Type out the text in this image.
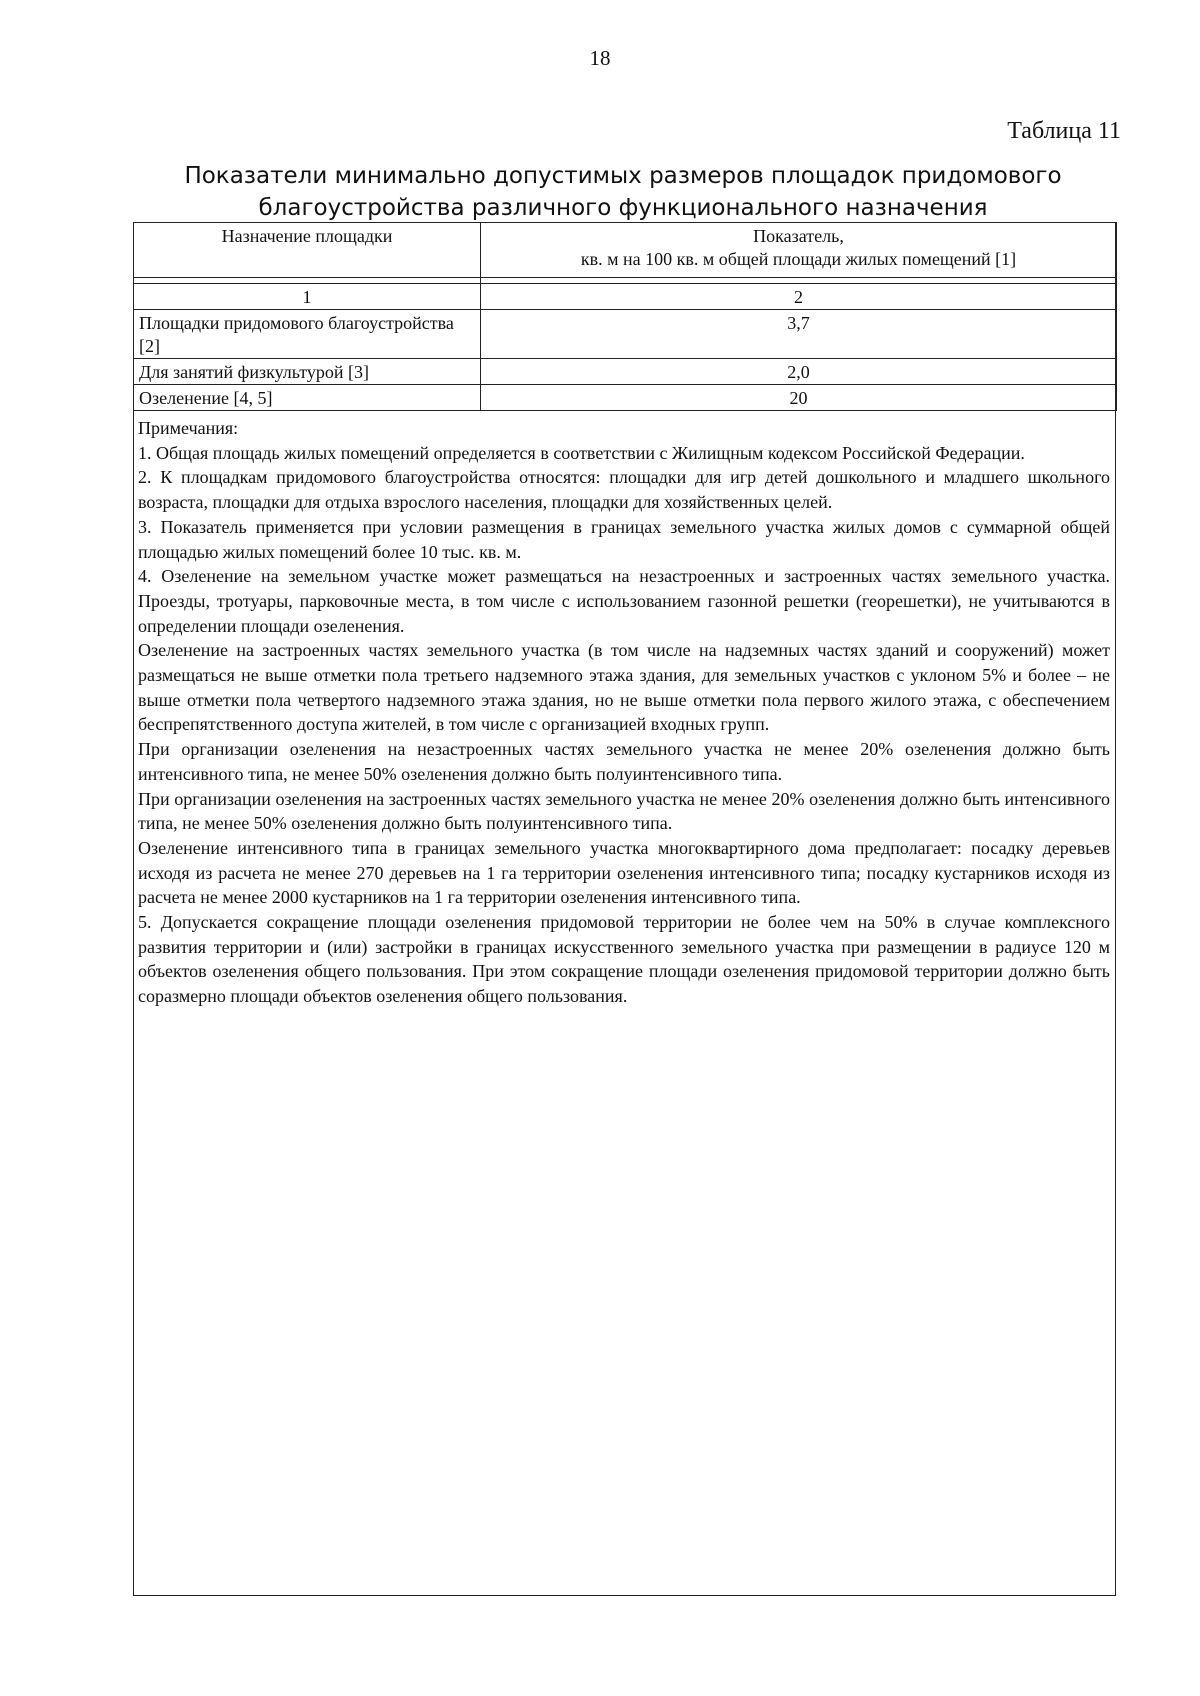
18
Таблица 11
Показатели минимально допустимых размеров площадок придомового благоустройства различного функционального назначения
Назначение площадки	Показатель,
кв. м на 100 кв. м общей площади жилых помещений [1]

1	2
Площадки придомового благоустройства [2]	3,7
Для занятий физкультурой [3]	2,0
Озеленение [4, 5]	20

Примечания:

1. Общая площадь жилых помещений определяется в соответствии с Жилищным кодексом Российской Федерации.

2. К площадкам придомового благоустройства относятся: площадки для игр детей дошкольного и младшего школьного возраста, площадки для отдыха взрослого населения, площадки для хозяйственных целей.

3. Показатель применяется при условии размещения в границах земельного участка жилых домов с суммарной общей площадью жилых помещений более 10 тыс. кв. м.

4. Озеленение на земельном участке может размещаться на незастроенных и застроенных частях земельного участка. Проезды, тротуары, парковочные места, в том числе с использованием газонной решетки (георешетки), не учитываются в определении площади озеленения.

Озеленение на застроенных частях земельного участка (в том числе на надземных частях зданий и сооружений) может размещаться не выше отметки пола третьего надземного этажа здания, для земельных участков с уклоном 5% и более – не выше отметки пола четвертого надземного этажа здания, но не выше отметки пола первого жилого этажа, с обеспечением беспрепятственного доступа жителей, в том числе с организацией входных групп.

При организации озеленения на незастроенных частях земельного участка не менее 20% озеленения должно быть интенсивного типа, не менее 50% озеленения должно быть полуинтенсивного типа.

При организации озеленения на застроенных частях земельного участка не менее 20% озеленения должно быть интенсивного типа, не менее 50% озеленения должно быть полуинтенсивного типа.

Озеленение интенсивного типа в границах земельного участка многоквартирного дома предполагает: посадку деревьев исходя из расчета не менее 270 деревьев на 1 га территории озеленения интенсивного типа; посадку кустарников исходя из расчета не менее 2000 кустарников на 1 га территории озеленения интенсивного типа.

5. Допускается сокращение площади озеленения придомовой территории не более чем на 50% в случае комплексного развития территории и (или) застройки в границах искусственного земельного участка при размещении в радиусе 120 м объектов озеленения общего пользования. При этом сокращение площади озеленения придомовой территории должно быть соразмерно площади объектов озеленения общего пользования.
